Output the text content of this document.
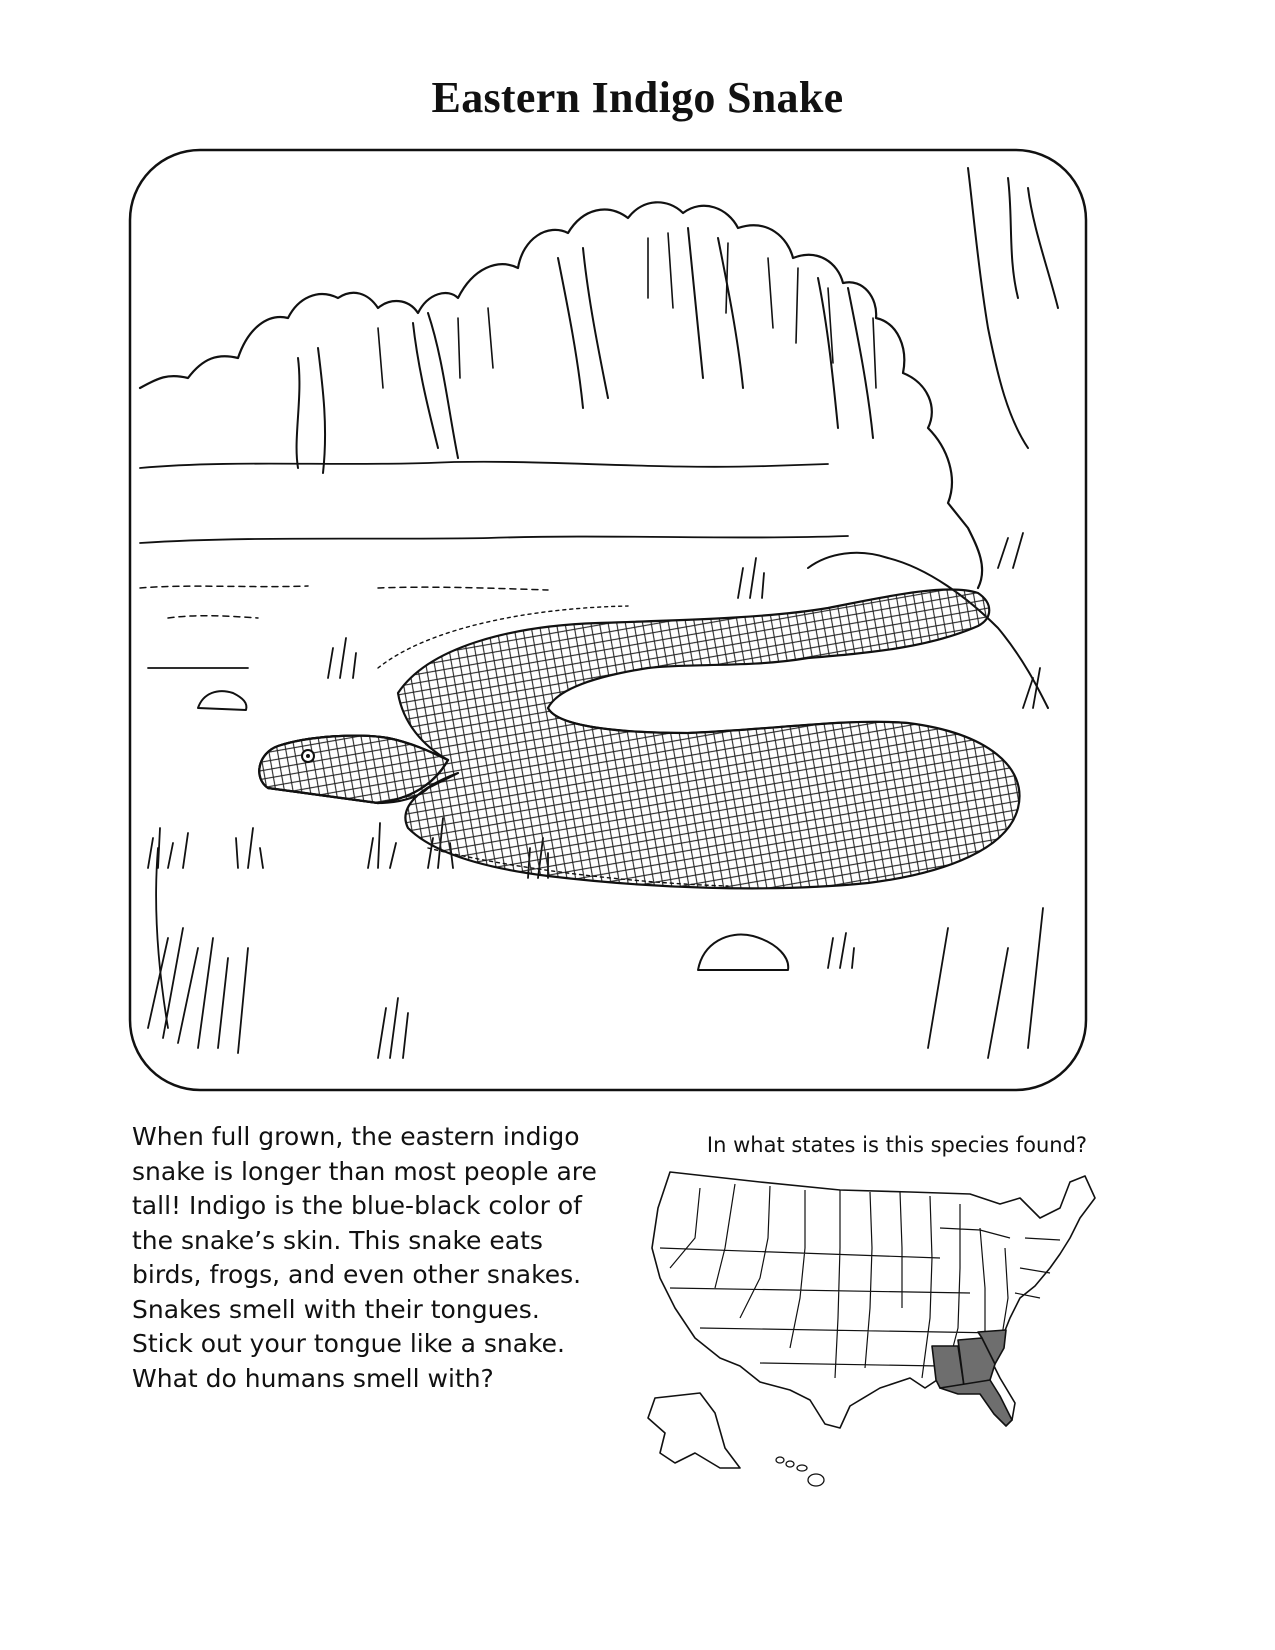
Eastern Indigo Snake
When full grown, the eastern indigo snake is longer than most people are tall! Indigo is the blue-black color of the snake’s skin. This snake eats birds, frogs, and even other snakes. Snakes smell with their tongues. Stick out your tongue like a snake. What do humans smell with?
In what states is this species found?
